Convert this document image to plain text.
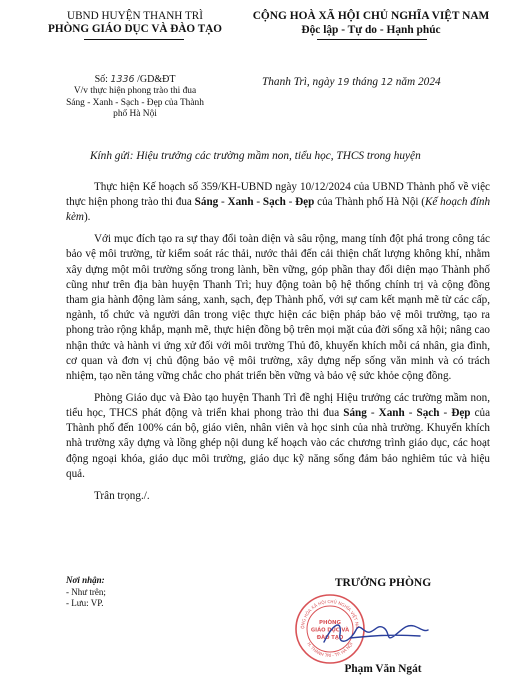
UBND HUYỆN THANH TRÌ
PHÒNG GIÁO DỤC VÀ ĐÀO TẠO
CỘNG HOÀ XÃ HỘI CHỦ NGHĨA VIỆT NAM
Độc lập - Tự do - Hạnh phúc
Số: 1336 /GD&ĐT
V/v thực hiện phong trào thi đua
Sáng - Xanh - Sạch - Đẹp của Thành
phố Hà Nội
Thanh Trì, ngày 19 tháng 12 năm 2024
Kính gửi: Hiệu trưởng các trường mầm non, tiểu học, THCS trong huyện

Thực hiện Kế hoạch số 359/KH-UBND ngày 10/12/2024 của UBND Thành phố về việc thực hiện phong trào thi đua Sáng - Xanh - Sạch - Đẹp của Thành phố Hà Nội (Kế hoạch đính kèm).

Với mục đích tạo ra sự thay đổi toàn diện và sâu rộng, mang tính đột phá trong công tác bảo vệ môi trường, từ kiểm soát rác thải, nước thải đến cải thiện chất lượng không khí, nhằm xây dựng một môi trường sống trong lành, bền vững, góp phần thay đổi diện mạo Thành phố cũng như trên địa bàn huyện Thanh Trì; huy động toàn bộ hệ thống chính trị và cộng đồng tham gia hành động làm sáng, xanh, sạch, đẹp Thành phố, với sự cam kết mạnh mẽ từ các cấp, ngành, tổ chức và người dân trong việc thực hiện các biện pháp bảo vệ môi trường, tạo ra phong trào rộng khắp, mạnh mẽ, thực hiện đồng bộ trên mọi mặt của đời sống xã hội; nâng cao nhận thức và hành vi ứng xử đối với môi trường Thủ đô, khuyến khích mỗi cá nhân, gia đình, cơ quan và đơn vị chủ động bảo vệ môi trường, xây dựng nếp sống văn minh và có trách nhiệm, tạo nền tảng vững chắc cho phát triển bền vững và bảo vệ sức khỏe cộng đồng.

Phòng Giáo dục và Đào tạo huyện Thanh Trì đề nghị Hiệu trưởng các trường mầm non, tiểu học, THCS phát động và triển khai phong trào thi đua Sáng - Xanh - Sạch - Đẹp của Thành phố đến 100% cán bộ, giáo viên, nhân viên và học sinh của nhà trường. Khuyến khích nhà trường xây dựng và lồng ghép nội dung kế hoạch vào các chương trình giáo dục, các hoạt động ngoại khóa, giáo dục môi trường, giáo dục kỹ năng sống đảm bảo nghiêm túc và hiệu quả.

Trân trọng./.

Nơi nhận:
- Như trên;
- Lưu: VP.
TRƯỞNG PHÒNG
ỘNG HÒA XÃ HỘI CHỦ NGHĨA VIỆT NA
H. THANH TRÌ - TP. HÀ NỘI
PHÒNG
GIÁO DỤC VÀ
ĐÀO TẠO
Phạm Văn Ngát
